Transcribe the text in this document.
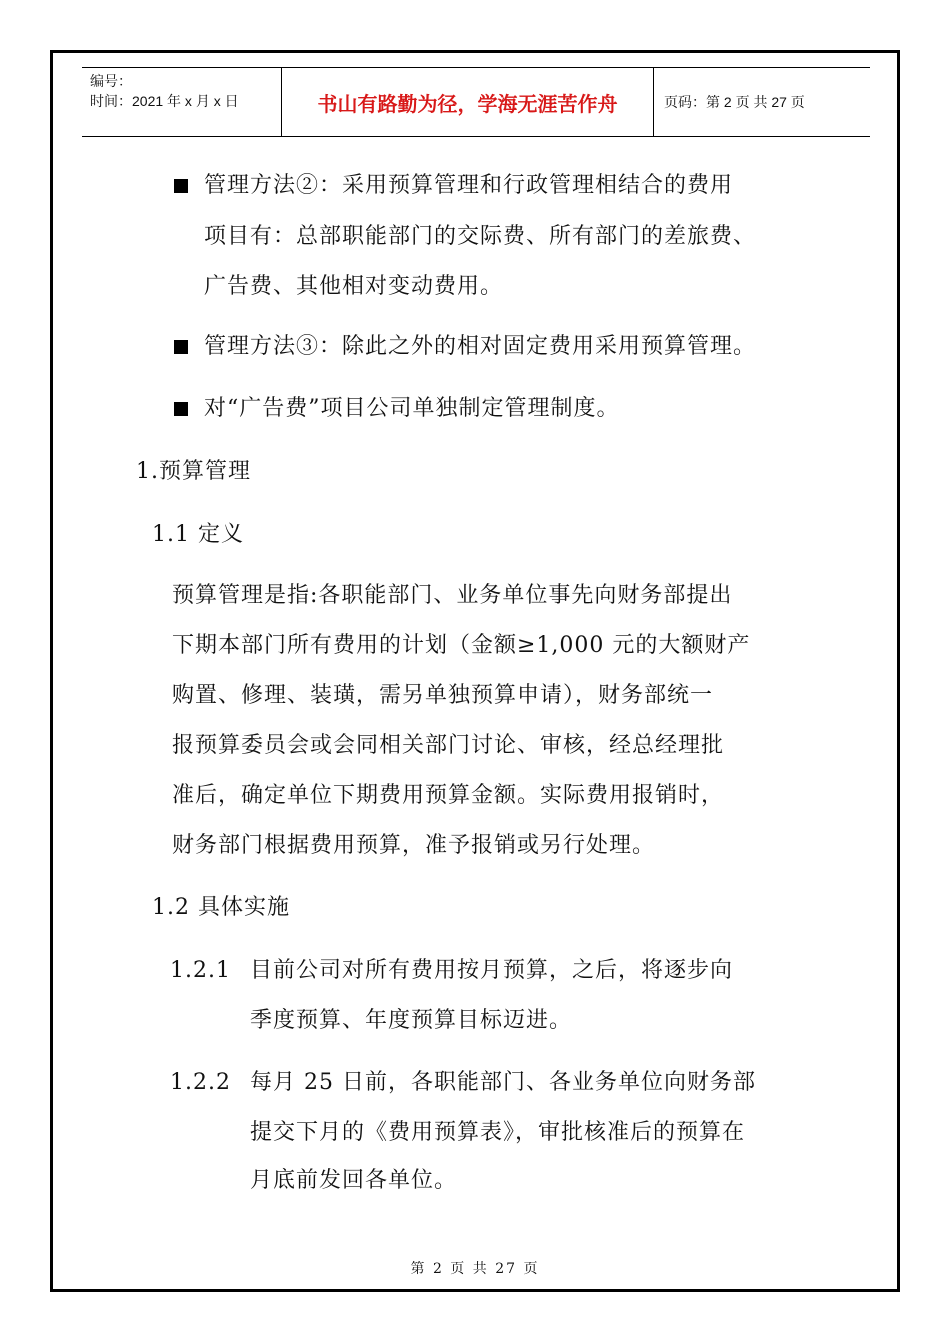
编号：
时间：2021 年 x 月 x 日	书山有路勤为径，学海无涯苦作舟	页码：第 2 页 共 27 页
管理方法②：采用预算管理和行政管理相结合的费用
项目有：总部职能部门的交际费、所有部门的差旅费、
广告费、其他相对变动费用。
管理方法③：除此之外的相对固定费用采用预算管理。
对“广告费”项目公司单独制定管理制度。
1.预算管理
1.1 定义
预算管理是指:各职能部门、业务单位事先向财务部提出
下期本部门所有费用的计划（金额≥1,000 元的大额财产
购置、修理、装璜，需另单独预算申请），财务部统一
报预算委员会或会同相关部门讨论、审核，经总经理批
准后，确定单位下期费用预算金额。实际费用报销时，
财务部门根据费用预算，准予报销或另行处理。
1.2 具体实施
1.2.1 目前公司对所有费用按月预算，之后，将逐步向
季度预算、年度预算目标迈进。
1.2.2 每月 25 日前，各职能部门、各业务单位向财务部
提交下月的《费用预算表》，审批核准后的预算在
月底前发回各单位。
第 2 页 共 27 页
